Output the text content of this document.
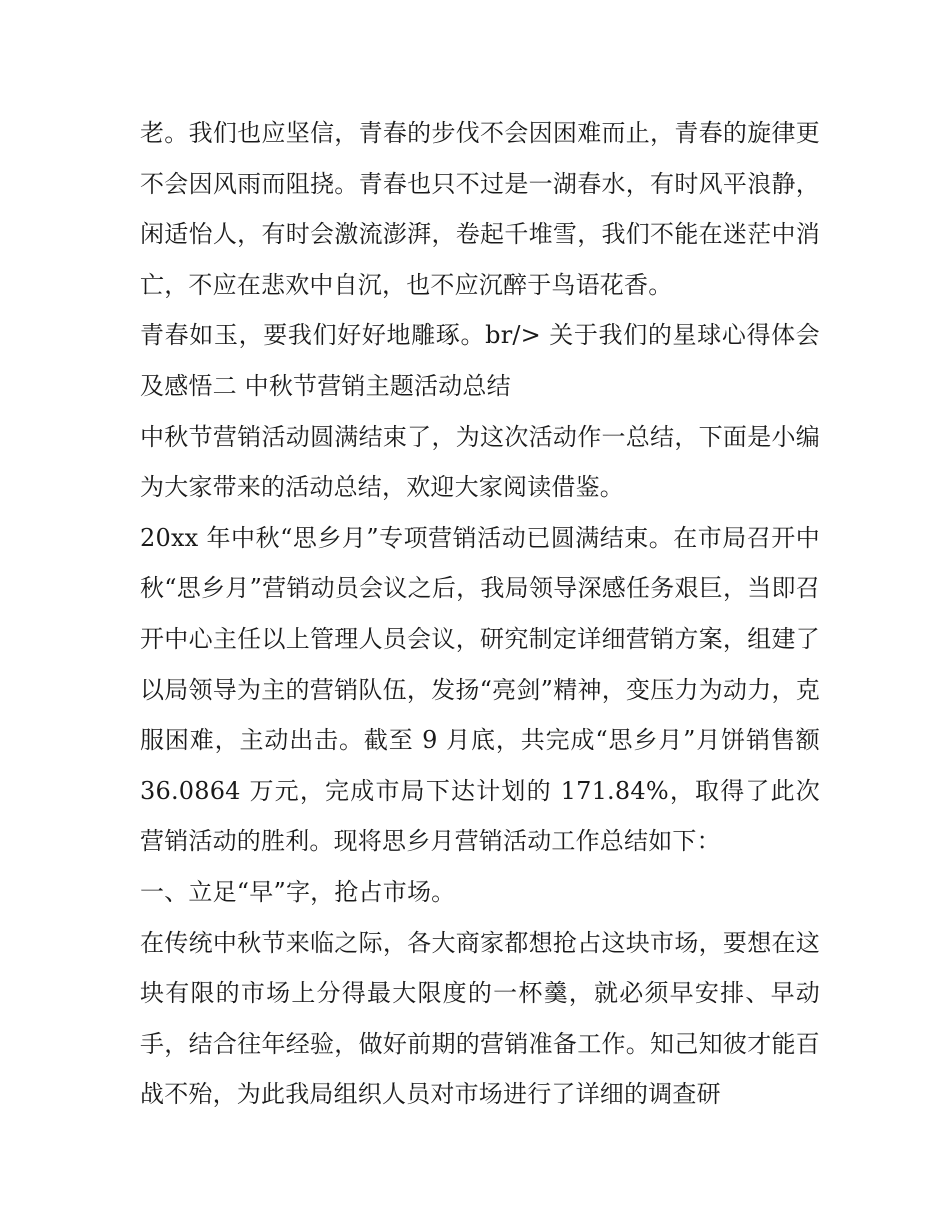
老。我们也应坚信，青春的步伐不会因困难而止，青春的旋律更不会因风雨而阻挠。青春也只不过是一湖春水，有时风平浪静，闲适怡人，有时会激流澎湃，卷起千堆雪，我们不能在迷茫中消亡，不应在悲欢中自沉，也不应沉醉于鸟语花香。

青春如玉，要我们好好地雕琢。br/> 关于我们的星球心得体会及感悟二 中秋节营销主题活动总结

中秋节营销活动圆满结束了，为这次活动作一总结，下面是小编为大家带来的活动总结，欢迎大家阅读借鉴。

20xx 年中秋“思乡月”专项营销活动已圆满结束。在市局召开中秋“思乡月”营销动员会议之后，我局领导深感任务艰巨，当即召开中心主任以上管理人员会议，研究制定详细营销方案，组建了以局领导为主的营销队伍，发扬“亮剑”精神，变压力为动力，克服困难，主动出击。截至 9 月底，共完成“思乡月”月饼销售额 36.0864 万元，完成市局下达计划的 171.84%，取得了此次营销活动的胜利。现将思乡月营销活动工作总结如下：

一、立足“早”字，抢占市场。

在传统中秋节来临之际，各大商家都想抢占这块市场，要想在这块有限的市场上分得最大限度的一杯羹，就必须早安排、早动手，结合往年经验，做好前期的营销准备工作。知己知彼才能百战不殆，为此我局组织人员对市场进行了详细的调查研
